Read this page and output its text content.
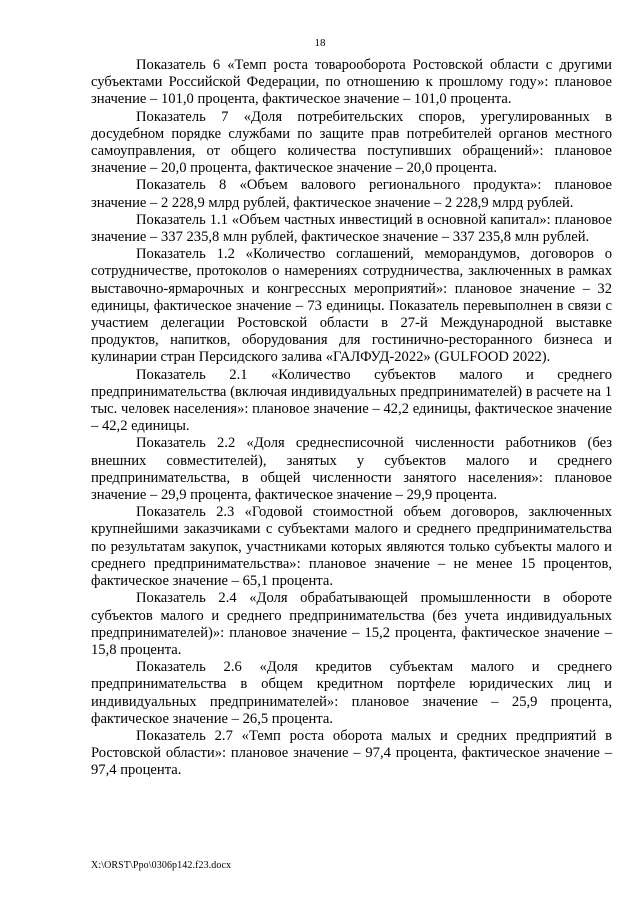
18

Показатель 6 «Темп роста товарооборота Ростовской области с другими субъектами Российской Федерации, по отношению к прошлому году»: плановое значение – 101,0 процента, фактическое значение – 101,0 процента.

Показатель 7 «Доля потребительских споров, урегулированных в досудебном порядке службами по защите прав потребителей органов местного самоуправления, от общего количества поступивших обращений»: плановое значение – 20,0 процента, фактическое значение – 20,0 процента.

Показатель 8 «Объем валового регионального продукта»: плановое значение – 2 228,9 млрд рублей, фактическое значение – 2 228,9 млрд рублей.

Показатель 1.1 «Объем частных инвестиций в основной капитал»: плановое значение – 337 235,8 млн рублей, фактическое значение – 337 235,8 млн рублей.

Показатель 1.2 «Количество соглашений, меморандумов, договоров о сотрудничестве, протоколов о намерениях сотрудничества, заключенных в рамках выставочно-ярмарочных и конгрессных мероприятий»: плановое значение – 32 единицы, фактическое значение – 73 единицы. Показатель перевыполнен в связи с участием делегации Ростовской области в 27-й Международной выставке продуктов, напитков, оборудования для гостинично-ресторанного бизнеса и кулинарии стран Персидского залива «ГАЛФУД-2022» (GULFOOD 2022).

Показатель 2.1 «Количество субъектов малого и среднего предпринимательства (включая индивидуальных предпринимателей) в расчете на 1 тыс. человек населения»: плановое значение – 42,2 единицы, фактическое значение – 42,2 единицы.

Показатель 2.2 «Доля среднесписочной численности работников (без внешних совместителей), занятых у субъектов малого и среднего предпринимательства, в общей численности занятого населения»: плановое значение – 29,9 процента, фактическое значение – 29,9 процента.

Показатель 2.3 «Годовой стоимостной объем договоров, заключенных крупнейшими заказчиками с субъектами малого и среднего предпринимательства по результатам закупок, участниками которых являются только субъекты малого и среднего предпринимательства»: плановое значение – не менее 15 процентов, фактическое значение – 65,1 процента.

Показатель 2.4 «Доля обрабатывающей промышленности в обороте субъектов малого и среднего предпринимательства (без учета индивидуальных предпринимателей)»: плановое значение – 15,2 процента, фактическое значение – 15,8 процента.

Показатель 2.6 «Доля кредитов субъектам малого и среднего предпринимательства в общем кредитном портфеле юридических лиц и индивидуальных предпринимателей»: плановое значение – 25,9 процента, фактическое значение – 26,5 процента.

Показатель 2.7 «Темп роста оборота малых и средних предприятий в Ростовской области»: плановое значение – 97,4 процента, фактическое значение – 97,4 процента.

X:\ORST\Ppo\0306p142.f23.docx
